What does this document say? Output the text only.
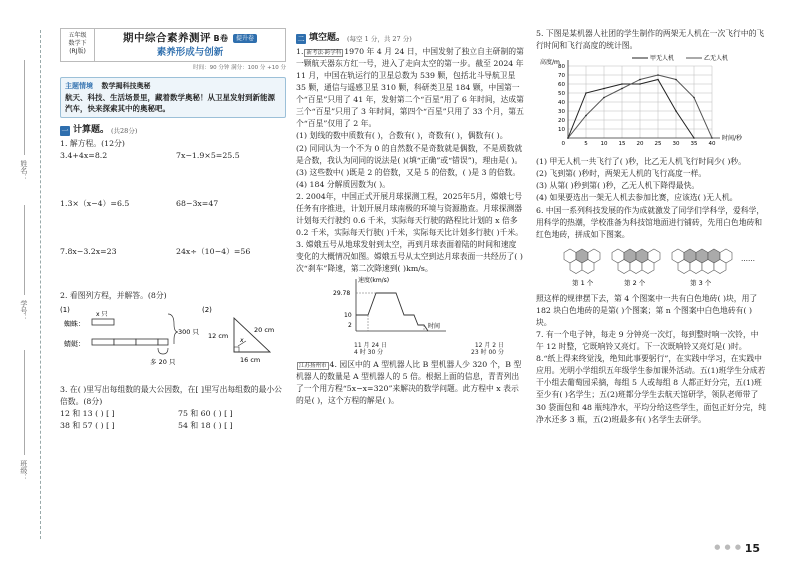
姓名：
学号：
班级：
五年级
数学下
(RJ版)
期中综合素养测评 B卷 提升卷
素养形成与创新
时间：90 分钟 满分：100 分 +10 分
主题情境 数学揭科技奥秘
航天、科技、生活场景里，藏着数学奥秘！从卫星发射到新能源汽车，快来探索其中的奥秘吧。
一 计算题。 (共28分)
1. 解方程。(12分)
3.4+4x=8.2	7x−1.9×5=25.5
1.3×（x−4）=6.5	68−3x=47
7.8x−3.2x=23	24x÷（10−4）=56
2. 看图列方程，并解答。(8分)
(1)
蜘蛛：
x 只
蜻蜓：
300 只
多 20 只
(2)
12 cm
20 cm
16 cm
x
3. 在( )里写出每组数的最大公因数，在[ ]里写出每组数的最小公倍数。(8分)
12 和 13 ( ) [ ]	75 和 60 ( ) [ ]
38 和 57 ( ) [ ]	54 和 18 ( ) [ ]
二 填空题。 (每空 1 分，共 27 分)
1. 新考法·跨学科 1970 年 4 月 24 日，中国发射了独立自主研制的第一颗航天器东方红一号，进入了走向太空的第一步。截至 2024 年 11 月，中国在轨运行的卫星总数为 539 颗，包括北斗导航卫星 35 颗，通信与遥感卫星 310 颗，科研类卫星 184 颗，中国第一个“百星”只用了 41 年，发射第二个“百星”用了 6 年时间，达成第三个“百星”只用了 3 年时间，第四个“百星”只用了 33 个月，第五个“百星”仅用了 2 年。
(1) 划线的数中质数有( )，合数有( )，奇数有( )，偶数有( )。
(2) 同同认为一个不为 0 的自然数不是奇数就是偶数，不是质数就是合数，我认为同同的说法是( )(填“正确”或“错误”)，理由是( )。
(3) 这些数中( )既是 2 的倍数，又是 5 的倍数，( )是 3 的倍数。
(4) 184 分解质因数为( )。
2. 2004年，中国正式开展月球探测工程，2025年5月，嫦娥七号任务有序推进，计划开展月球南极的环境与资源勘查。月球探测器计划每天行驶约 0.6 千米，实际每天行驶的路程比计划的 x 倍多 0.2 千米，实际每天行驶( )千米，实际每天比计划多行驶( )千米。
3. 嫦娥五号从地球发射到太空，再到月球表面着陆的时间和速度变化的大概情况如图。嫦娥五号从太空到达月球表面一共经历了( )次“刹车”降速，第二次降速到( )km/s。
速度(km/s)
时间
29.78
10
2
11 月 24 日	12 月 2 日
4 时 30 分	23 时 00 分
江苏扬州市 4. 园区中的 A 型机器人比 B 型机器人少 320 个，B 型机器人的数量是 A 型机器人的 5 倍。根据上面的信息，青青列出了一个用方程“5x−x=320”来解决的数学问题。此方程中 x 表示的是( )，这个方程的解是( )。
5. 下图是某机器人社团的学生制作的两架无人机在一次飞行中的飞行时间和飞行高度的统计图。
10
20
30
40
50
60
70
80
5 10 15 20 25 30 35 40
0
高度/m
时间/秒
甲无人机	乙无人机
(1) 甲无人机一共飞行了( )秒，比乙无人机飞行时间少( )秒。
(2) 飞到第( )秒时，两架无人机的飞行高度一样。
(3) 从第( )秒到第( )秒，乙无人机下降得最快。
(4) 如果要选出一架无人机去参加比赛，应该选( )无人机。
6. 中国一系列科技发展的作为成就激发了同学们学科学，爱科学，用科学的热潮，学校准备为科技馆地面进行铺砖，先用白色地砖和红色地砖，拼成如下图案。
第 1 个	第 2 个	第 3 个
……
照这样的规律摆下去，第 4 个图案中一共有白色地砖( )块，用了 182 块白色地砖的是第( )个图案；第 n 个图案中白色地砖有( )块。
7. 有一个电子钟，每走 9 分钟亮一次灯，每到整时响一次铃，中午 12 时整，它既响铃又亮灯。下一次既响铃又亮灯是( )时。
8.“纸上得来终觉浅，绝知此事要躬行”，在实践中学习，在实践中应用。光明小学组织五年级学生参加课外活动。五(1)班学生分成若干小组去葡萄园采摘，每组 5 人或每组 8 人都正好分完，五(1)班至少有( )名学生；五(2)班都分学生去航天馆研学，领队老师带了 30 袋面包和 48 瓶纯净水，平均分给这些学生，面包正好分完，纯净水还多 3 瓶，五(2)班最多有( )名学生去研学。
● ● ● 15
